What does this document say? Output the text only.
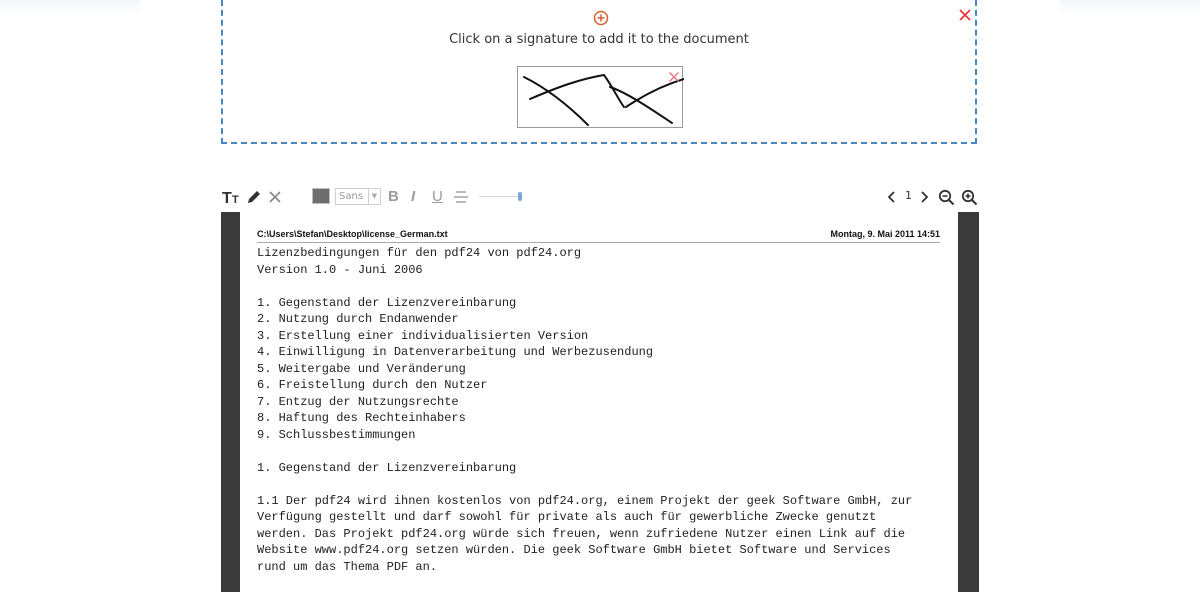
Click on a signature to add it to the document
T T	Sans	▼ B I U	1
C:\Users\Stefan\Desktop\license_German.txt	Montag, 9. Mai 2011 14:51
Lizenzbedingungen für den pdf24 von pdf24.org
Version 1.0 - Juni 2006
1. Gegenstand der Lizenzvereinbarung
2. Nutzung durch Endanwender
3. Erstellung einer individualisierten Version
4. Einwilligung in Datenverarbeitung und Werbezusendung
5. Weitergabe und Veränderung
6. Freistellung durch den Nutzer
7. Entzug der Nutzungsrechte
8. Haftung des Rechteinhabers
9. Schlussbestimmungen
1. Gegenstand der Lizenzvereinbarung
1.1 Der pdf24 wird ihnen kostenlos von pdf24.org, einem Projekt der geek Software GmbH, zur
Verfügung gestellt und darf sowohl für private als auch für gewerbliche Zwecke genutzt
werden. Das Projekt pdf24.org würde sich freuen, wenn zufriedene Nutzer einen Link auf die
Website www.pdf24.org setzen würden. Die geek Software GmbH bietet Software und Services
rund um das Thema PDF an.
